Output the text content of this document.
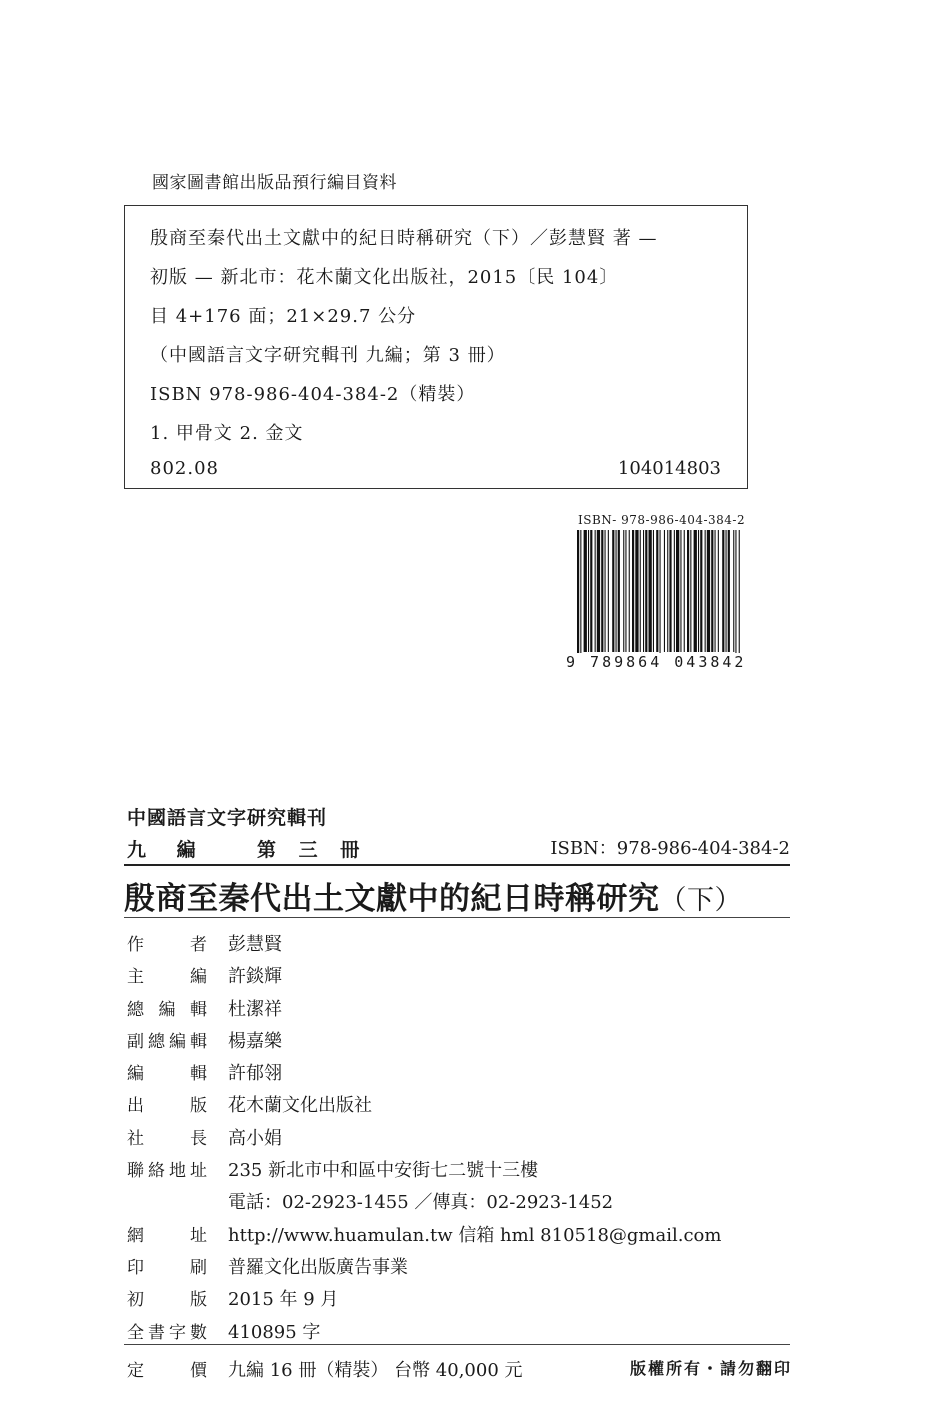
國家圖書館出版品預行編目資料
殷商至秦代出土文獻中的紀日時稱研究（下）／彭慧賢 著 —
初版 — 新北市：花木蘭文化出版社，2015〔民 104〕
目 4+176 面；21×29.7 公分
（中國語言文字研究輯刊 九編；第 3 冊）
ISBN 978-986-404-384-2（精裝）
1. 甲骨文 2. 金文
802.08	104014803
ISBN- 978-986-404-384-2
9 789864 043842
中國語言文字研究輯刊
九 編	第 三 冊	ISBN：978-986-404-384-2
殷商至秦代出土文獻中的紀日時稱研究（下）
作者 彭慧賢
主編 許錟輝
總編輯 杜潔祥
副總編輯 楊嘉樂
編輯 許郁翎
出版 花木蘭文化出版社
社長 高小娟
聯絡地址 235 新北市中和區中安街七二號十三樓
電話：02-2923-1455 ／傳真：02-2923-1452
網址 http://www.huamulan.tw 信箱 hml 810518@gmail.com
印刷 普羅文化出版廣告事業
初版 2015 年 9 月
全書字數 410895 字
定價 九編 16 冊（精裝） 台幣 40,000 元	版權所有・請勿翻印
